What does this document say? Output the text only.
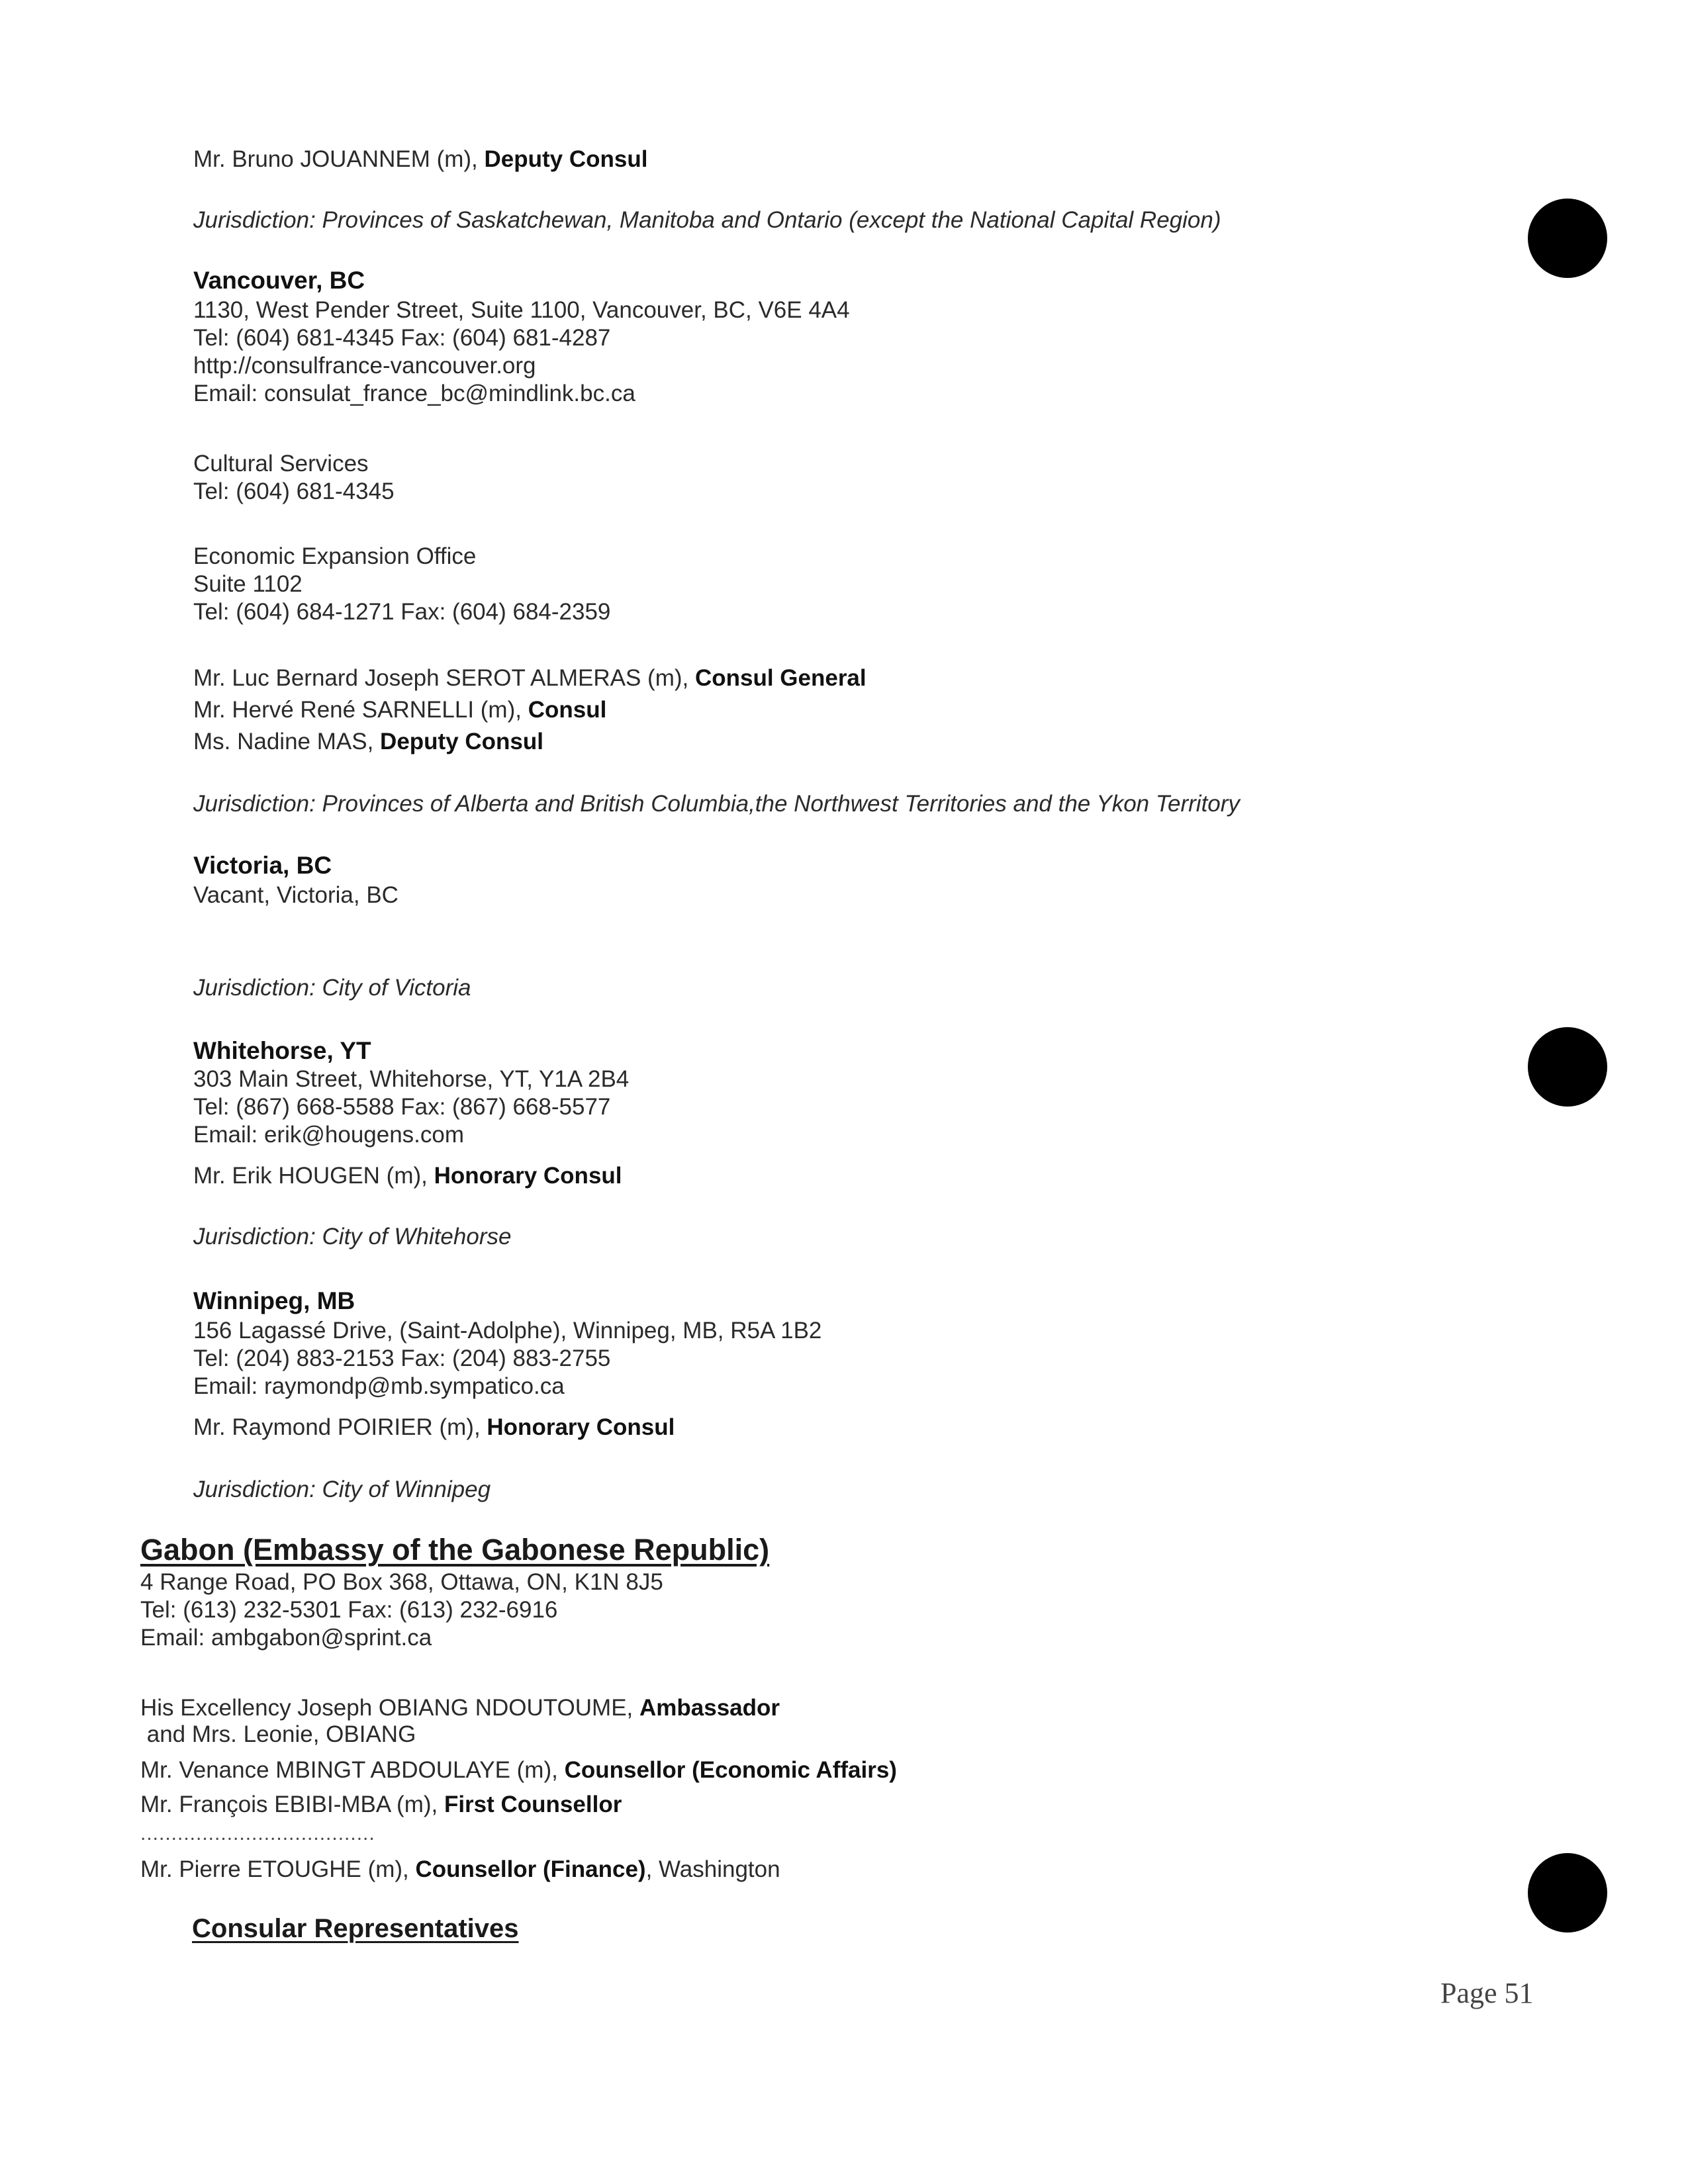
Mr. Bruno JOUANNEM (m), Deputy Consul
Jurisdiction: Provinces of Saskatchewan, Manitoba and Ontario (except the National Capital Region)
Vancouver, BC
1130, West Pender Street, Suite 1100, Vancouver, BC, V6E 4A4
Tel: (604) 681-4345 Fax: (604) 681-4287
http://consulfrance-vancouver.org
Email: consulat_france_bc@mindlink.bc.ca
Cultural Services
Tel: (604) 681-4345
Economic Expansion Office
Suite 1102
Tel: (604) 684-1271 Fax: (604) 684-2359
Mr. Luc Bernard Joseph SEROT ALMERAS (m), Consul General
Mr. Hervé René SARNELLI (m), Consul
Ms. Nadine MAS, Deputy Consul
Jurisdiction: Provinces of Alberta and British Columbia,the Northwest Territories and the Ykon Territory
Victoria, BC
Vacant, Victoria, BC
Jurisdiction: City of Victoria
Whitehorse, YT
303 Main Street, Whitehorse, YT, Y1A 2B4
Tel: (867) 668-5588 Fax: (867) 668-5577
Email: erik@hougens.com
Mr. Erik HOUGEN (m), Honorary Consul
Jurisdiction: City of Whitehorse
Winnipeg, MB
156 Lagassé Drive, (Saint-Adolphe), Winnipeg, MB, R5A 1B2
Tel: (204) 883-2153 Fax: (204) 883-2755
Email: raymondp@mb.sympatico.ca
Mr. Raymond POIRIER (m), Honorary Consul
Jurisdiction: City of Winnipeg
Gabon (Embassy of the Gabonese Republic)
4 Range Road, PO Box 368, Ottawa, ON, K1N 8J5
Tel: (613) 232-5301 Fax: (613) 232-6916
Email: ambgabon@sprint.ca
His Excellency Joseph OBIANG NDOUTOUME, Ambassador
and Mrs. Leonie, OBIANG
Mr. Venance MBINGT ABDOULAYE (m), Counsellor (Economic Affairs)
Mr. François EBIBI-MBA (m), First Counsellor
......................................
Mr. Pierre ETOUGHE (m), Counsellor (Finance), Washington
Consular Representatives
Page 51
